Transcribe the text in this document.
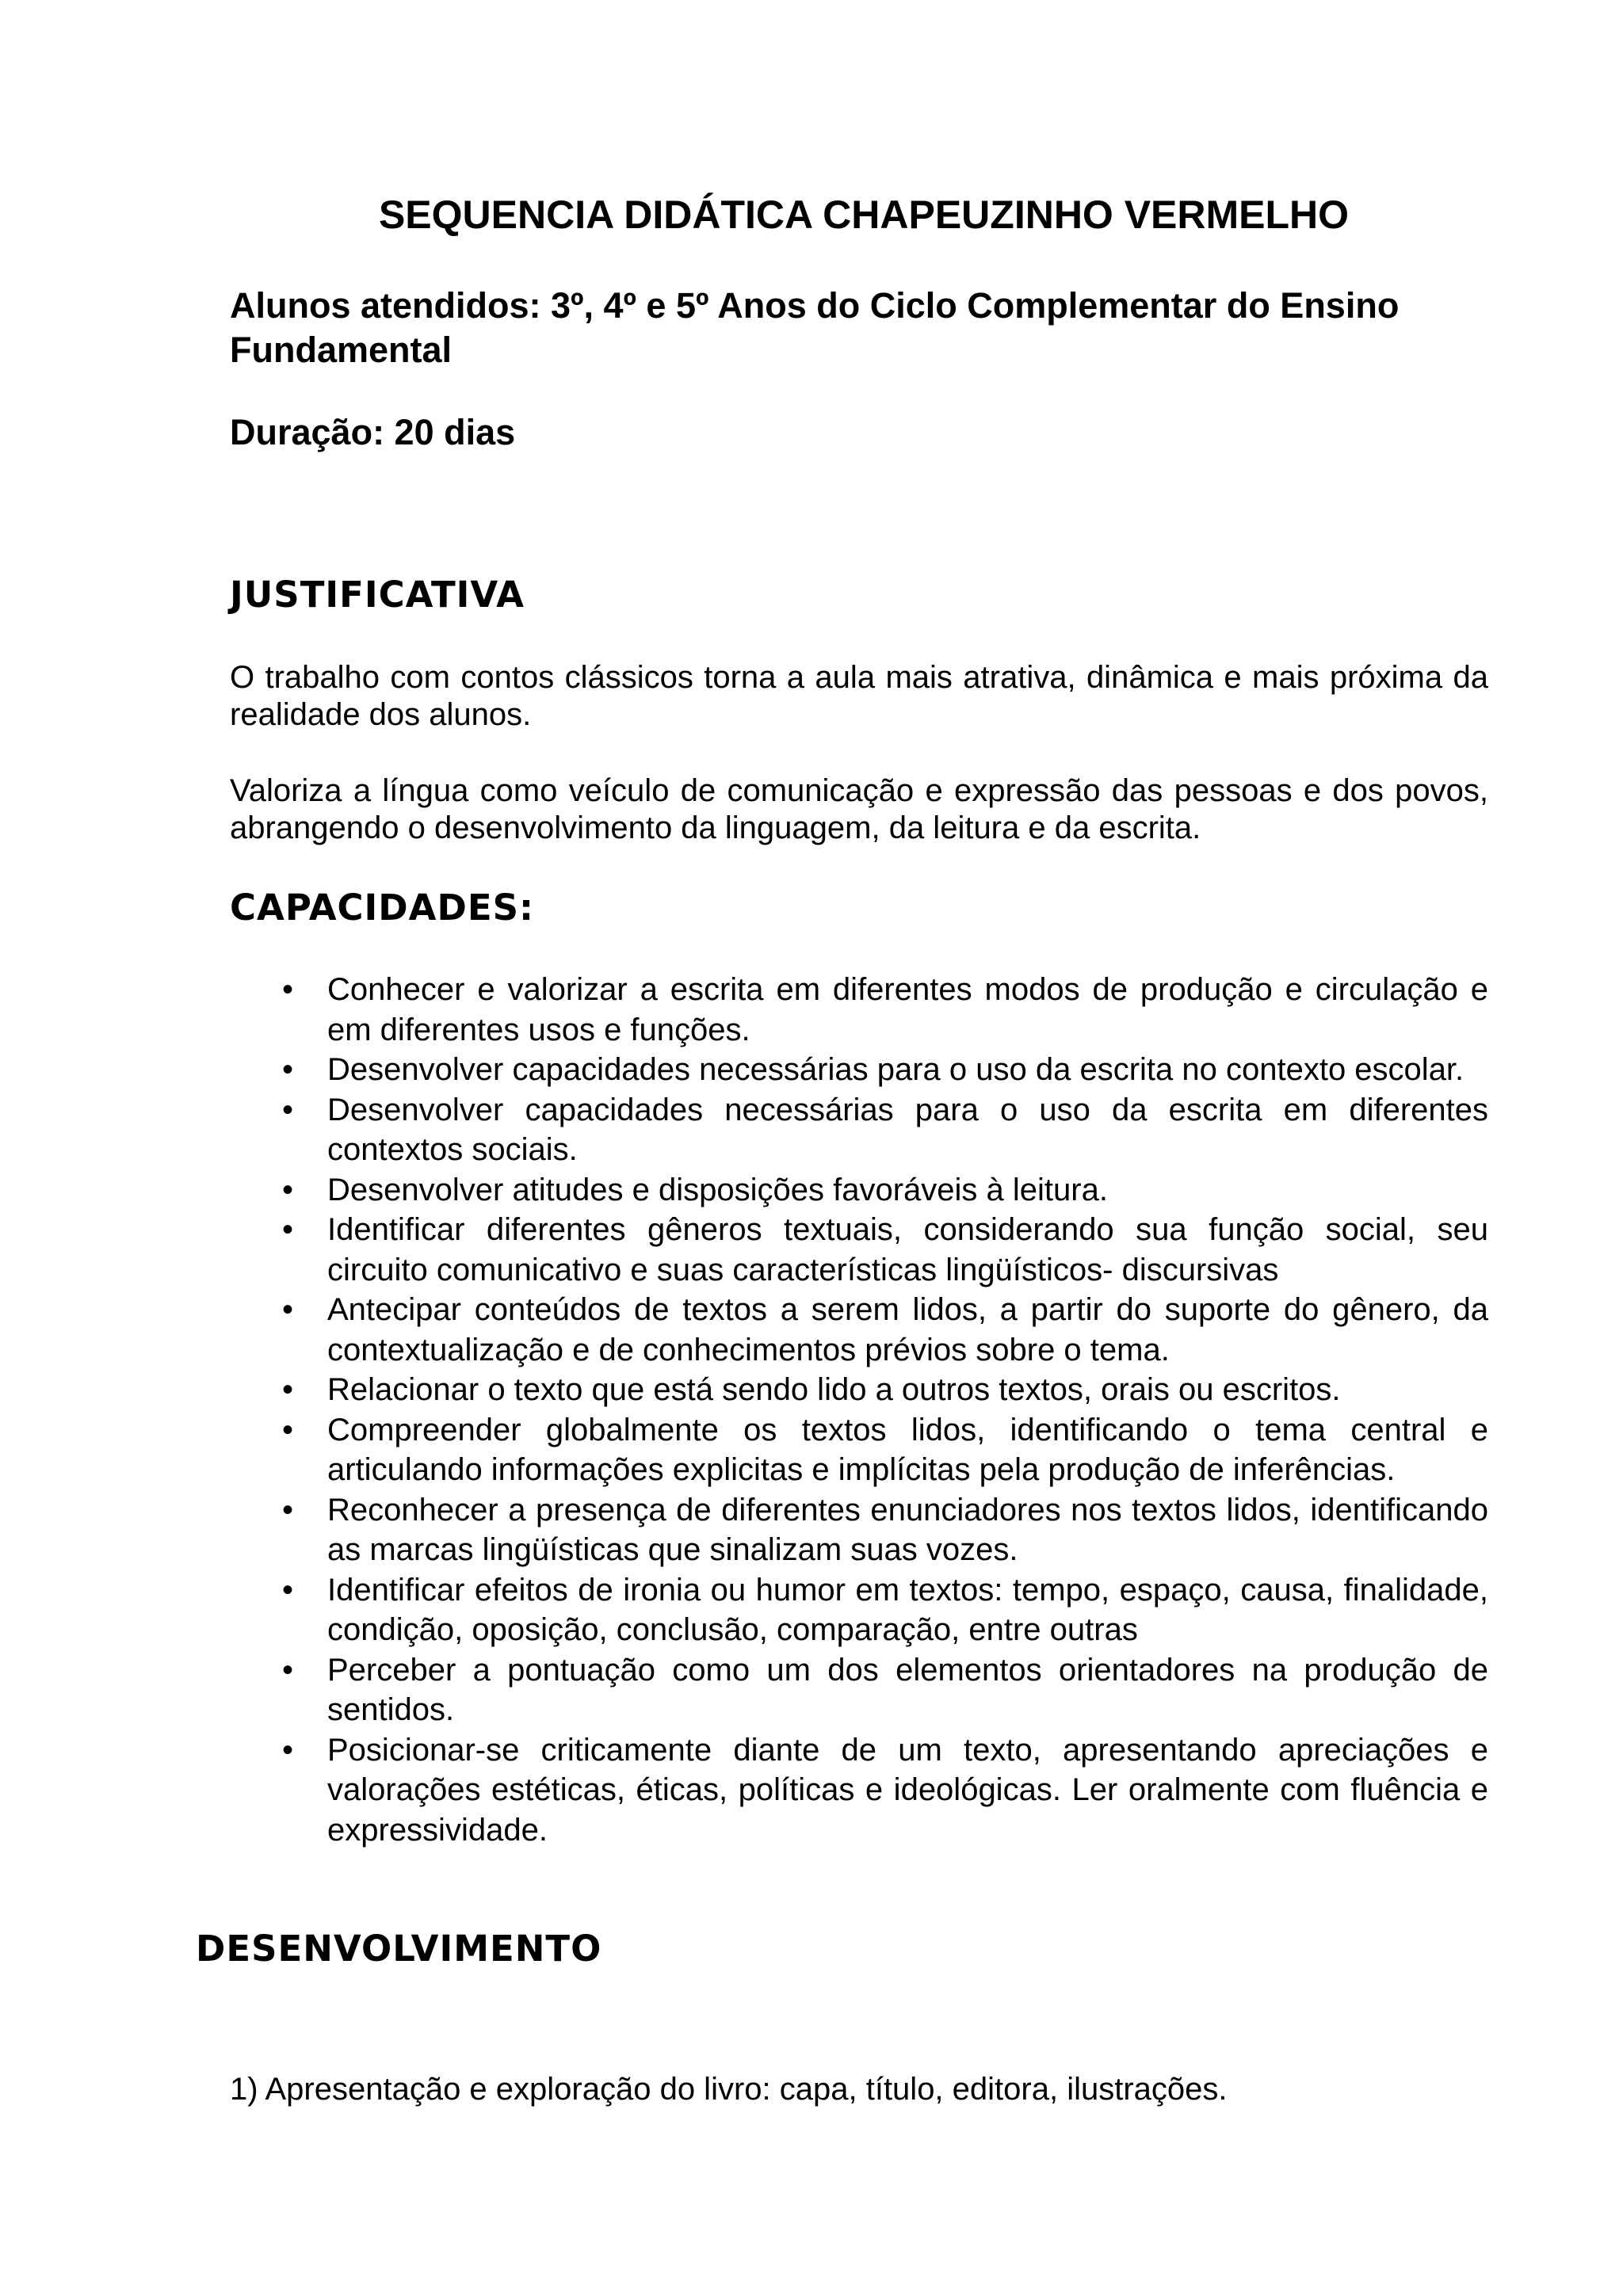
SEQUENCIA DIDÁTICA CHAPEUZINHO VERMELHO

Alunos atendidos: 3º, 4º e 5º Anos do Ciclo Complementar do Ensino Fundamental

Duração: 20 dias

JUSTIFICATIVA

O trabalho com contos clássicos torna a aula mais atrativa, dinâmica e mais próxima da realidade dos alunos.

Valoriza a língua como veículo de comunicação e expressão das pessoas e dos povos, abrangendo o desenvolvimento da linguagem, da leitura e da escrita.

CAPACIDADES:
• Conhecer e valorizar a escrita em diferentes modos de produção e circulação e em diferentes usos e funções.
• Desenvolver capacidades necessárias para o uso da escrita no contexto escolar.
• Desenvolver capacidades necessárias para o uso da escrita em diferentes contextos sociais.
• Desenvolver atitudes e disposições favoráveis à leitura.
• Identificar diferentes gêneros textuais, considerando sua função social, seu circuito comunicativo e suas características lingüísticos- discursivas
• Antecipar conteúdos de textos a serem lidos, a partir do suporte do gênero, da contextualização e de conhecimentos prévios sobre o tema.
• Relacionar o texto que está sendo lido a outros textos, orais ou escritos.
• Compreender globalmente os textos lidos, identificando o tema central e articulando informações explicitas e implícitas pela produção de inferências.
• Reconhecer a presença de diferentes enunciadores nos textos lidos, identificando as marcas lingüísticas que sinalizam suas vozes.
• Identificar efeitos de ironia ou humor em textos: tempo, espaço, causa, finalidade, condição, oposição, conclusão, comparação, entre outras
• Perceber a pontuação como um dos elementos orientadores na produção de sentidos.
• Posicionar-se criticamente diante de um texto, apresentando apreciações e valorações estéticas, éticas, políticas e ideológicas. Ler oralmente com fluência e expressividade.
DESENVOLVIMENTO

1) Apresentação e exploração do livro: capa, título, editora, ilustrações.
